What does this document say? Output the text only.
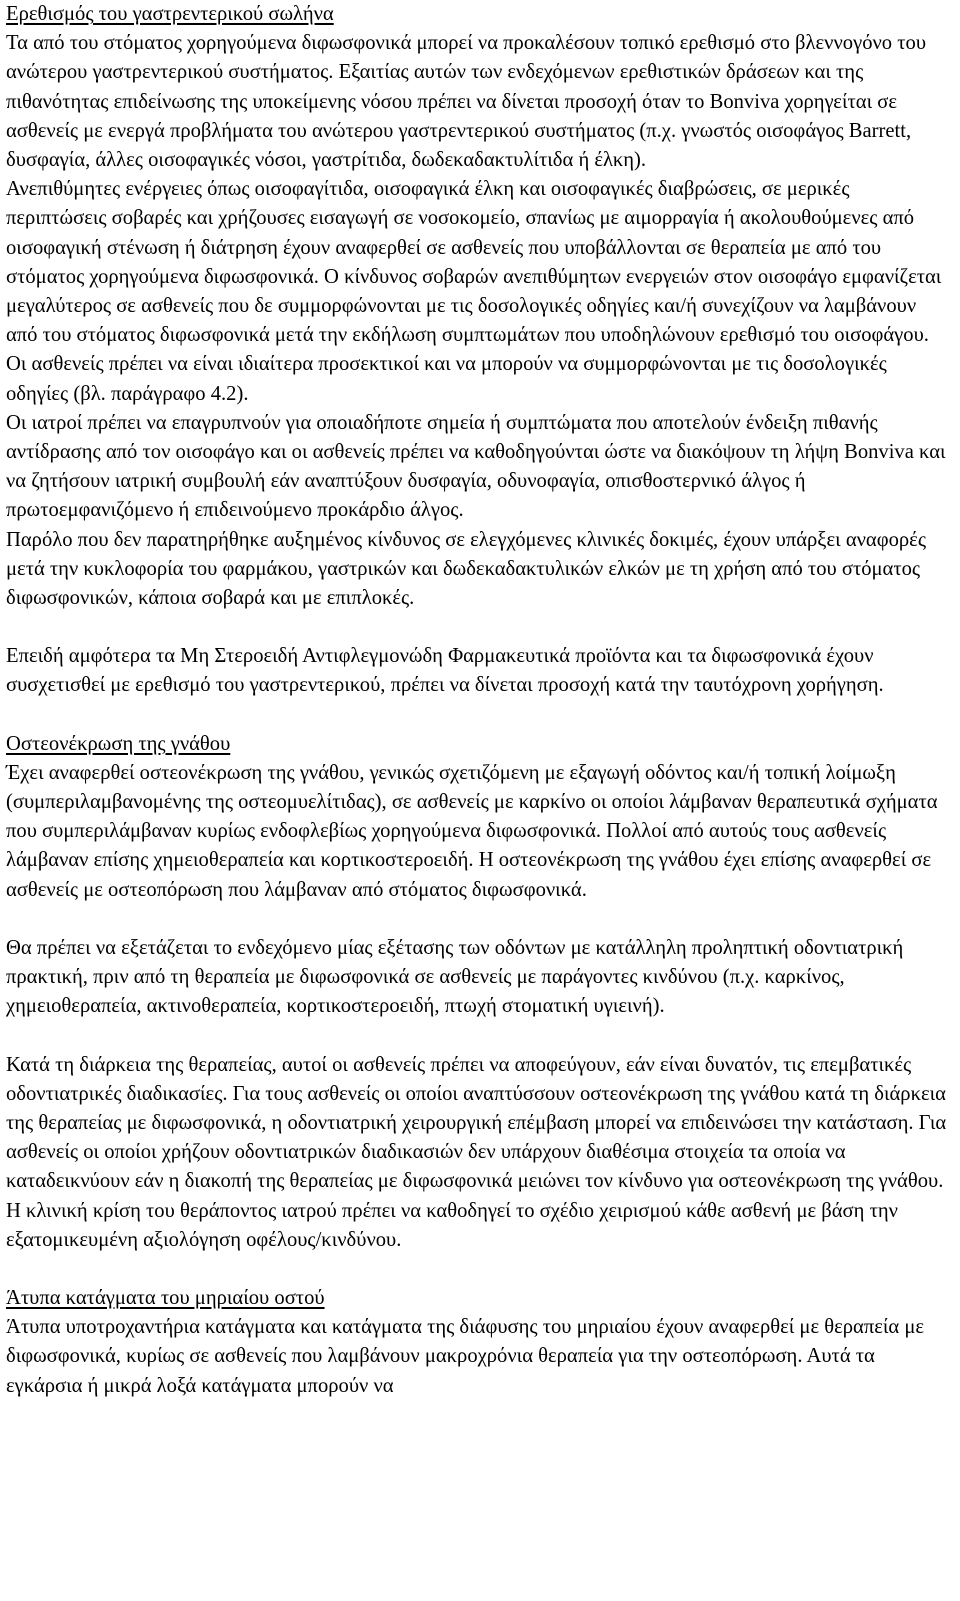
Ερεθισμός του γαστρεντερικού σωλήνα

Τα από του στόματος χορηγούμενα διφωσφονικά μπορεί να προκαλέσουν τοπικό ερεθισμό στο βλεννογόνο του ανώτερου γαστρεντερικού συστήματος. Εξαιτίας αυτών των ενδεχόμενων ερεθιστικών δράσεων και της πιθανότητας επιδείνωσης της υποκείμενης νόσου πρέπει να δίνεται προσοχή όταν το Bonviva χορηγείται σε ασθενείς με ενεργά προβλήματα του ανώτερου γαστρεντερικού συστήματος (π.χ. γνωστός οισοφάγος Barrett, δυσφαγία, άλλες οισοφαγικές νόσοι, γαστρίτιδα, δωδεκαδακτυλίτιδα ή έλκη).

Ανεπιθύμητες ενέργειες όπως οισοφαγίτιδα, οισοφαγικά έλκη και οισοφαγικές διαβρώσεις, σε μερικές περιπτώσεις σοβαρές και χρήζουσες εισαγωγή σε νοσοκομείο, σπανίως με αιμορραγία ή ακολουθούμενες από οισοφαγική στένωση ή διάτρηση έχουν αναφερθεί σε ασθενείς που υποβάλλονται σε θεραπεία με από του στόματος χορηγούμενα διφωσφονικά. Ο κίνδυνος σοβαρών ανεπιθύμητων ενεργειών στον οισοφάγο εμφανίζεται μεγαλύτερος σε ασθενείς που δε συμμορφώνονται με τις δοσολογικές οδηγίες και/ή συνεχίζουν να λαμβάνουν από του στόματος διφωσφονικά μετά την εκδήλωση συμπτωμάτων που υποδηλώνουν ερεθισμό του οισοφάγου. Οι ασθενείς πρέπει να είναι ιδιαίτερα προσεκτικοί και να μπορούν να συμμορφώνονται με τις δοσολογικές οδηγίες (βλ. παράγραφο 4.2).

Οι ιατροί πρέπει να επαγρυπνούν για οποιαδήποτε σημεία ή συμπτώματα που αποτελούν ένδειξη πιθανής αντίδρασης από τον οισοφάγο και οι ασθενείς πρέπει να καθοδηγούνται ώστε να διακόψουν τη λήψη Bonviva και να ζητήσουν ιατρική συμβουλή εάν αναπτύξουν δυσφαγία, οδυνοφαγία, οπισθοστερνικό άλγος ή πρωτοεμφανιζόμενο ή επιδεινούμενο προκάρδιο άλγος.

Παρόλο που δεν παρατηρήθηκε αυξημένος κίνδυνος σε ελεγχόμενες κλινικές δοκιμές, έχουν υπάρξει αναφορές μετά την κυκλοφορία του φαρμάκου, γαστρικών και δωδεκαδακτυλικών ελκών με τη χρήση από του στόματος διφωσφονικών, κάποια σοβαρά και με επιπλοκές.

Επειδή αμφότερα τα Μη Στεροειδή Αντιφλεγμονώδη Φαρμακευτικά προϊόντα και τα διφωσφονικά έχουν συσχετισθεί με ερεθισμό του γαστρεντερικού, πρέπει να δίνεται προσοχή κατά την ταυτόχρονη χορήγηση.

Οστεονέκρωση της γνάθου

Έχει αναφερθεί οστεονέκρωση της γνάθου, γενικώς σχετιζόμενη με εξαγωγή οδόντος και/ή τοπική λοίμωξη (συμπεριλαμβανομένης της οστεομυελίτιδας), σε ασθενείς με καρκίνο οι οποίοι λάμβαναν θεραπευτικά σχήματα που συμπεριλάμβαναν κυρίως ενδοφλεβίως χορηγούμενα διφωσφονικά. Πολλοί από αυτούς τους ασθενείς λάμβαναν επίσης χημειοθεραπεία και κορτικοστεροειδή. Η οστεονέκρωση της γνάθου έχει επίσης αναφερθεί σε ασθενείς με οστεοπόρωση που λάμβαναν από στόματος διφωσφονικά.

Θα πρέπει να εξετάζεται το ενδεχόμενο μίας εξέτασης των οδόντων με κατάλληλη προληπτική οδοντιατρική πρακτική, πριν από τη θεραπεία με διφωσφονικά σε ασθενείς με παράγοντες κινδύνου (π.χ. καρκίνος, χημειοθεραπεία, ακτινοθεραπεία, κορτικοστεροειδή, πτωχή στοματική υγιεινή).

Κατά τη διάρκεια της θεραπείας, αυτοί οι ασθενείς πρέπει να αποφεύγουν, εάν είναι δυνατόν, τις επεμβατικές οδοντιατρικές διαδικασίες. Για τους ασθενείς οι οποίοι αναπτύσσουν οστεονέκρωση της γνάθου κατά τη διάρκεια της θεραπείας με διφωσφονικά, η οδοντιατρική χειρουργική επέμβαση μπορεί να επιδεινώσει την κατάσταση. Για ασθενείς οι οποίοι χρήζουν οδοντιατρικών διαδικασιών δεν υπάρχουν διαθέσιμα στοιχεία τα οποία να καταδεικνύουν εάν η διακοπή της θεραπείας με διφωσφονικά μειώνει τον κίνδυνο για οστεονέκρωση της γνάθου. Η κλινική κρίση του θεράποντος ιατρού πρέπει να καθοδηγεί το σχέδιο χειρισμού κάθε ασθενή με βάση την εξατομικευμένη αξιολόγηση οφέλους/κινδύνου.

Άτυπα κατάγματα του μηριαίου οστού

Άτυπα υποτροχαντήρια κατάγματα και κατάγματα της διάφυσης του μηριαίου έχουν αναφερθεί με θεραπεία με διφωσφονικά, κυρίως σε ασθενείς που λαμβάνουν μακροχρόνια θεραπεία για την οστεοπόρωση. Αυτά τα εγκάρσια ή μικρά λοξά κατάγματα μπορούν να
